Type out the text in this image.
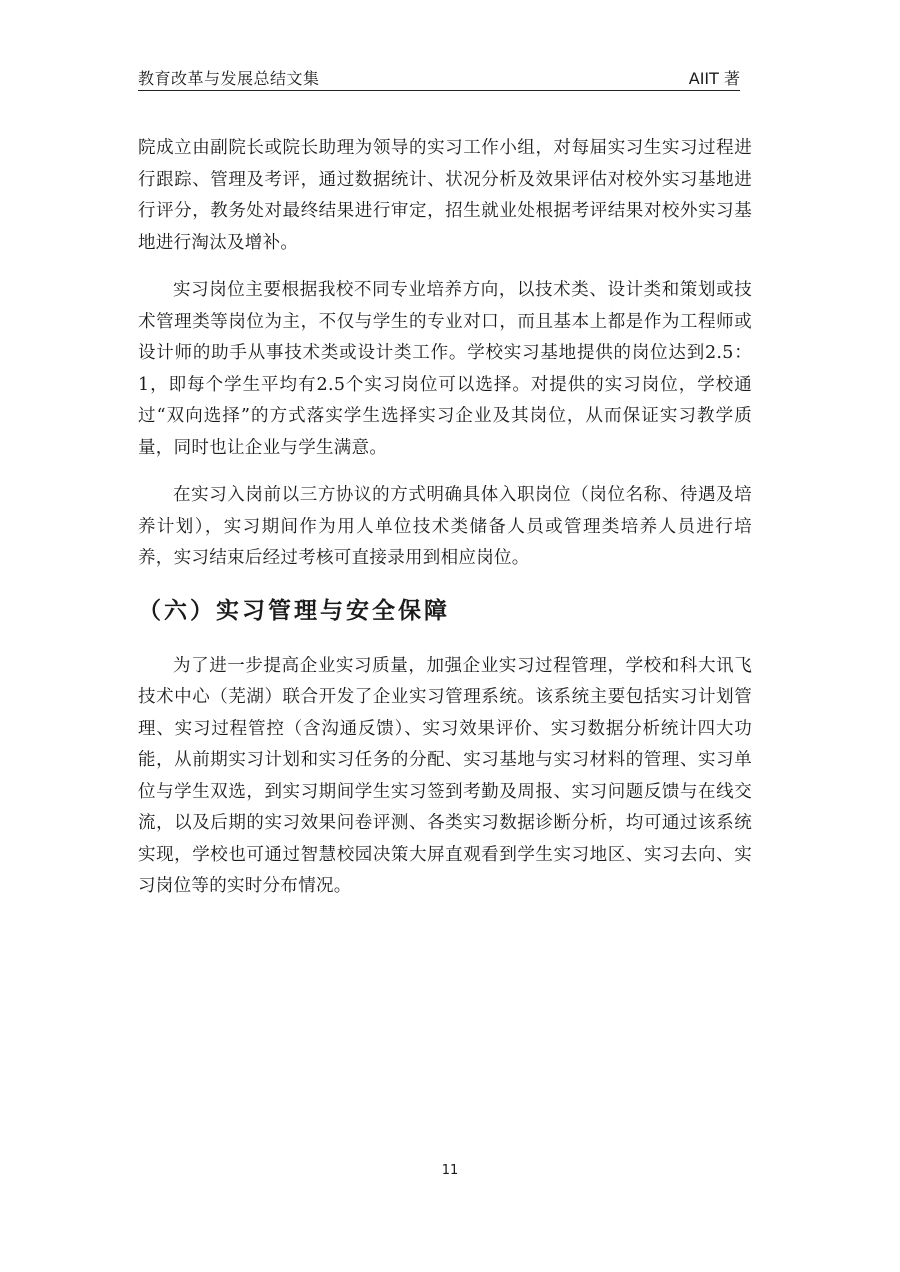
教育改革与发展总结文集	AIIT 著

院成立由副院长或院长助理为领导的实习工作小组，对每届实习生实习过程进行跟踪、管理及考评，通过数据统计、状况分析及效果评估对校外实习基地进行评分，教务处对最终结果进行审定，招生就业处根据考评结果对校外实习基地进行淘汰及增补。

实习岗位主要根据我校不同专业培养方向，以技术类、设计类和策划或技术管理类等岗位为主，不仅与学生的专业对口，而且基本上都是作为工程师或设计师的助手从事技术类或设计类工作。学校实习基地提供的岗位达到2.5：1，即每个学生平均有2.5个实习岗位可以选择。对提供的实习岗位，学校通过“双向选择”的方式落实学生选择实习企业及其岗位，从而保证实习教学质量，同时也让企业与学生满意。

在实习入岗前以三方协议的方式明确具体入职岗位（岗位名称、待遇及培养计划），实习期间作为用人单位技术类储备人员或管理类培养人员进行培养，实习结束后经过考核可直接录用到相应岗位。

（六）实习管理与安全保障

为了进一步提高企业实习质量，加强企业实习过程管理，学校和科大讯飞技术中心（芜湖）联合开发了企业实习管理系统。该系统主要包括实习计划管理、实习过程管控（含沟通反馈）、实习效果评价、实习数据分析统计四大功能，从前期实习计划和实习任务的分配、实习基地与实习材料的管理、实习单位与学生双选，到实习期间学生实习签到考勤及周报、实习问题反馈与在线交流，以及后期的实习效果问卷评测、各类实习数据诊断分析，均可通过该系统实现，学校也可通过智慧校园决策大屏直观看到学生实习地区、实习去向、实习岗位等的实时分布情况。

11
